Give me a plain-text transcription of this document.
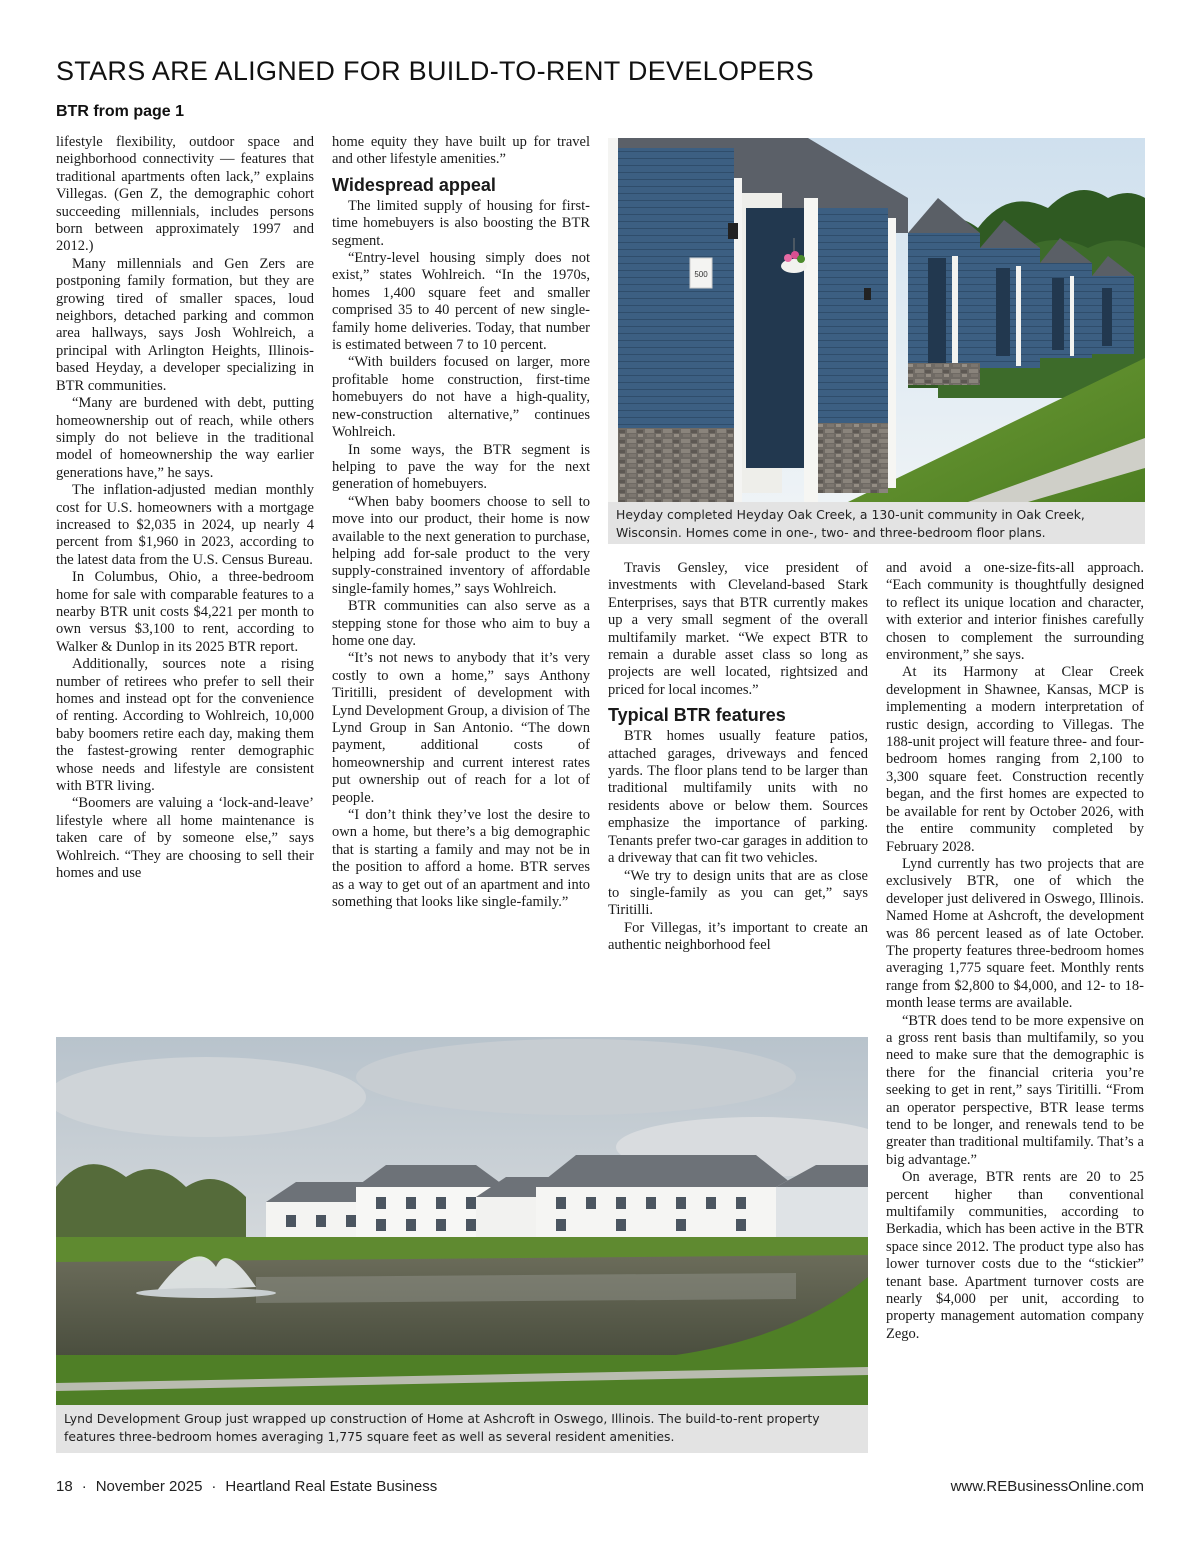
STARS ARE ALIGNED FOR BUILD-TO-RENT DEVELOPERS
BTR from page 1

lifestyle flexibility, outdoor space and neighborhood connectivity — features that traditional apartments often lack,” explains Villegas. (Gen Z, the demographic cohort succeeding millennials, includes persons born between approximately 1997 and 2012.)

Many millennials and Gen Zers are postponing family formation, but they are growing tired of smaller spaces, loud neighbors, detached parking and common area hallways, says Josh Wohlreich, a principal with Arlington Heights, Illinois-based Heyday, a developer specializing in BTR communities.

“Many are burdened with debt, putting homeownership out of reach, while others simply do not believe in the traditional model of homeownership the way earlier generations have,” he says.

The inflation-adjusted median monthly cost for U.S. homeowners with a mortgage increased to $2,035 in 2024, up nearly 4 percent from $1,960 in 2023, according to the latest data from the U.S. Census Bureau.

In Columbus, Ohio, a three-bedroom home for sale with comparable features to a nearby BTR unit costs $4,221 per month to own versus $3,100 to rent, according to Walker & Dunlop in its 2025 BTR report.

Additionally, sources note a rising number of retirees who prefer to sell their homes and instead opt for the convenience of renting. According to Wohlreich, 10,000 baby boomers retire each day, making them the fastest-growing renter demographic whose needs and lifestyle are consistent with BTR living.

“Boomers are valuing a ‘lock-and-leave’ lifestyle where all home maintenance is taken care of by someone else,” says Wohlreich. “They are choosing to sell their homes and use

home equity they have built up for travel and other lifestyle amenities.”

Widespread appeal

The limited supply of housing for first-time homebuyers is also boosting the BTR segment.

“Entry-level housing simply does not exist,” states Wohlreich. “In the 1970s, homes 1,400 square feet and smaller comprised 35 to 40 percent of new single-family home deliveries. Today, that number is estimated between 7 to 10 percent.

“With builders focused on larger, more profitable home construction, first-time homebuyers do not have a high-quality, new-construction alternative,” continues Wohlreich.

In some ways, the BTR segment is helping to pave the way for the next generation of homebuyers.

“When baby boomers choose to sell to move into our product, their home is now available to the next generation to purchase, helping add for-sale product to the very supply-constrained inventory of affordable single-family homes,” says Wohlreich.

BTR communities can also serve as a stepping stone for those who aim to buy a home one day.

“It’s not news to anybody that it’s very costly to own a home,” says Anthony Tiritilli, president of development with Lynd Development Group, a division of The Lynd Group in San Antonio. “The down payment, additional costs of homeownership and current interest rates put ownership out of reach for a lot of people.

“I don’t think they’ve lost the desire to own a home, but there’s a big demographic that is starting a family and may not be in the position to afford a home. BTR serves as a way to get out of an apartment and into something that looks like single-family.”

500
Heyday completed Heyday Oak Creek, a 130-unit community in Oak Creek, Wisconsin. Homes come in one-, two- and three-bedroom floor plans.

Travis Gensley, vice president of investments with Cleveland-based Stark Enterprises, says that BTR currently makes up a very small segment of the overall multifamily market. “We expect BTR to remain a durable asset class so long as projects are well located, rightsized and priced for local incomes.”

Typical BTR features

BTR homes usually feature patios, attached garages, driveways and fenced yards. The floor plans tend to be larger than traditional multifamily units with no residents above or below them. Sources emphasize the importance of parking. Tenants prefer two-car garages in addition to a driveway that can fit two vehicles.

“We try to design units that are as close to single-family as you can get,” says Tiritilli.

For Villegas, it’s important to create an authentic neighborhood feel

and avoid a one-size-fits-all approach. “Each community is thoughtfully designed to reflect its unique location and character, with exterior and interior finishes carefully chosen to complement the surrounding environment,” she says.

At its Harmony at Clear Creek development in Shawnee, Kansas, MCP is implementing a modern interpretation of rustic design, according to Villegas. The 188-unit project will feature three- and four-bedroom homes ranging from 2,100 to 3,300 square feet. Construction recently began, and the first homes are expected to be available for rent by October 2026, with the entire community completed by February 2028.

Lynd currently has two projects that are exclusively BTR, one of which the developer just delivered in Oswego, Illinois. Named Home at Ashcroft, the development was 86 percent leased as of late October. The property features three-bedroom homes averaging 1,775 square feet. Monthly rents range from $2,800 to $4,000, and 12- to 18-month lease terms are available.

“BTR does tend to be more expensive on a gross rent basis than multifamily, so you need to make sure that the demographic is there for the financial criteria you’re seeking to get in rent,” says Tiritilli. “From an operator perspective, BTR lease terms tend to be longer, and renewals tend to be greater than traditional multifamily. That’s a big advantage.”

On average, BTR rents are 20 to 25 percent higher than conventional multifamily communities, according to Berkadia, which has been active in the BTR space since 2012. The product type also has lower turnover costs due to the “stickier” tenant base. Apartment turnover costs are nearly $4,000 per unit, according to property management automation company Zego.

Lynd Development Group just wrapped up construction of Home at Ashcroft in Oswego, Illinois. The build-to-rent property features three-bedroom homes averaging 1,775 square feet as well as several resident amenities.
18 · November 2025 · Heartland Real Estate Business	www.REBusinessOnline.com
